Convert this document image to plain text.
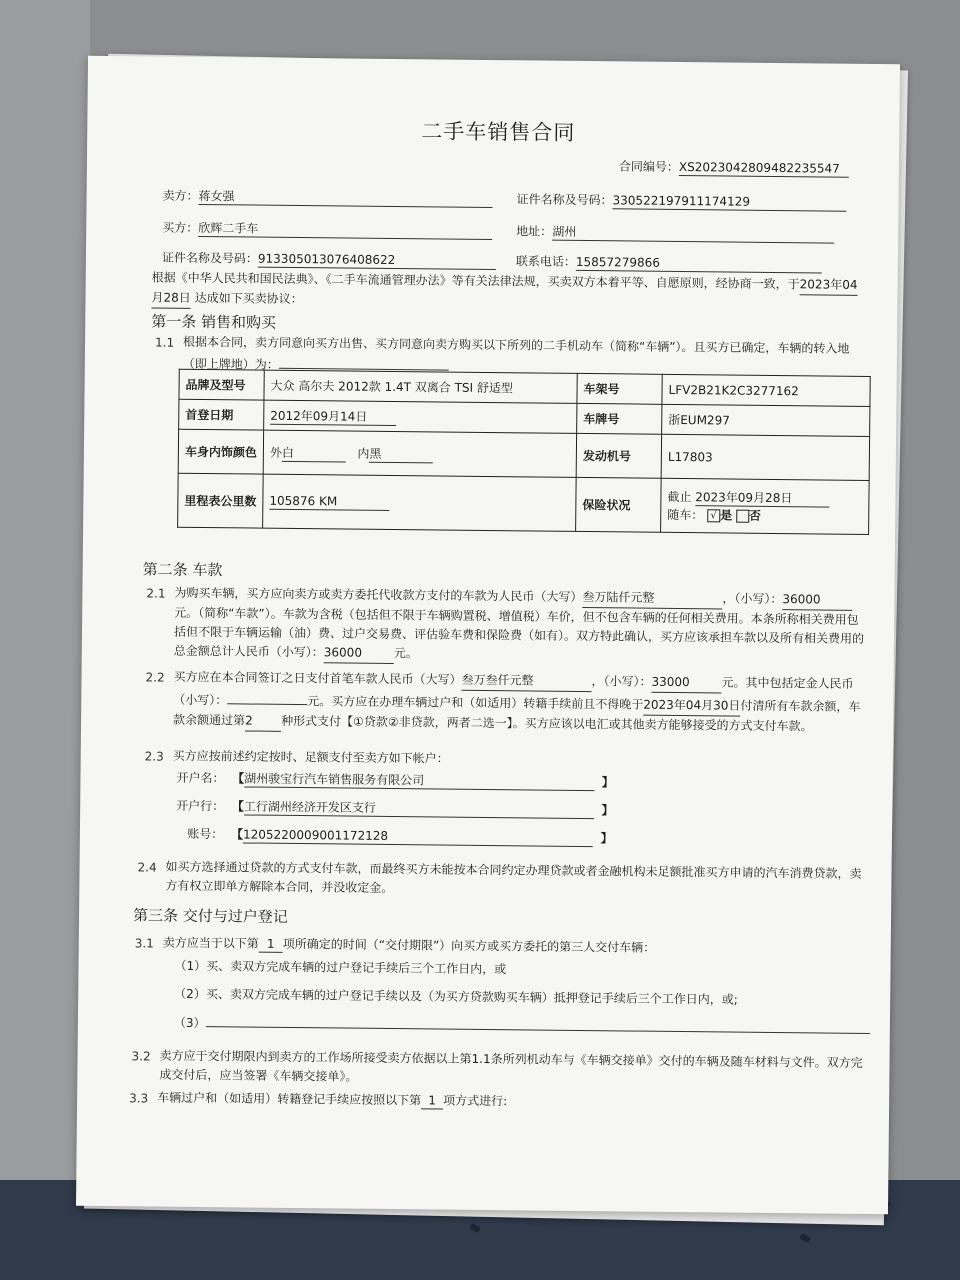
二手车销售合同
合同编号：XS2023042809482235547
卖方：蒋女强	证件名称及号码：330522197911174129
买方：欣辉二手车	地址：湖州
证件名称及号码：913305013076408622	联系电话：15857279866
根据《中华人民共和国民法典》、《二手车流通管理办法》等有关法律法规，买卖双方本着平等、自愿原则，经协商一致，于2023年04
月28日 达成如下买卖协议：
第一条 销售和购买
1.1 根据本合同，卖方同意向买方出售、买方同意向卖方购买以下所列的二手机动车（简称“车辆”）。且买方已确定，车辆的转入地
（即上牌地）为：
品牌及型号	大众 高尔夫 2012款 1.4T 双离合 TSI 舒适型	车架号	LFV2B21K2C3277162
首登日期	2012年09月14日	车牌号	浙EUM297
车身内饰颜色	外白 内黑	发动机号	L17803
里程表公里数	105876 KM	保险状况	截止 2023年09月28日
随车： √ 是 否
第二条 车款
2.1 为购买车辆，买方应向卖方或卖方委托代收款方支付的车款为人民币（大写）叁万陆仟元整	，（小写）：36000元。（简称“车款”）。车款为含税（包括但不限于车辆购置税、增值税）车价，但不包含车辆的任何相关费用。本条所称相关费用包括但不限于车辆运输（油）费、过户交易费、评估验车费和保险费（如有）。双方特此确认，买方应该承担车款以及所有相关费用的总金额总计人民币（小写）：36000	元。
2.2 买方应在本合同签订之日支付首笔车款人民币（大写）叁万叁仟元整	，（小写）：33000	元。其中包括定金人民币（小写）：	元。买方应在办理车辆过户和（如适用）转籍手续前且不得晚于2023年04月30日付清所有车款余额，车款余额通过第2 种形式支付【①贷款②非贷款，两者二选一】。买方应该以电汇或其他卖方能够接受的方式支付车款。
2.3 买方应按前述约定按时、足额支付至卖方如下帐户：
开户名： 【湖州骏宝行汽车销售服务有限公司	】
开户行： 【工行湖州经济开发区支行	】
账号： 【1205220009001172128	】
2.4 如买方选择通过贷款的方式支付车款，而最终买方未能按本合同约定办理贷款或者金融机构未足额批准买方申请的汽车消费贷款，卖方有权立即单方解除本合同，并没收定金。
第三条 交付与过户登记
3.1 卖方应当于以下第 1 项所确定的时间（“交付期限”）向买方或买方委托的第三人交付车辆：
（1）买、卖双方完成车辆的过户登记手续后三个工作日内，或
（2）买、卖双方完成车辆的过户登记手续以及（为买方贷款购买车辆）抵押登记手续后三个工作日内，或;
（3）
3.2 卖方应于交付期限内到卖方的工作场所接受卖方依据以上第1.1条所列机动车与《车辆交接单》交付的车辆及随车材料与文件。双方完成交付后，应当签署《车辆交接单》。
3.3 车辆过户和（如适用）转籍登记手续应按照以下第 1 项方式进行:
